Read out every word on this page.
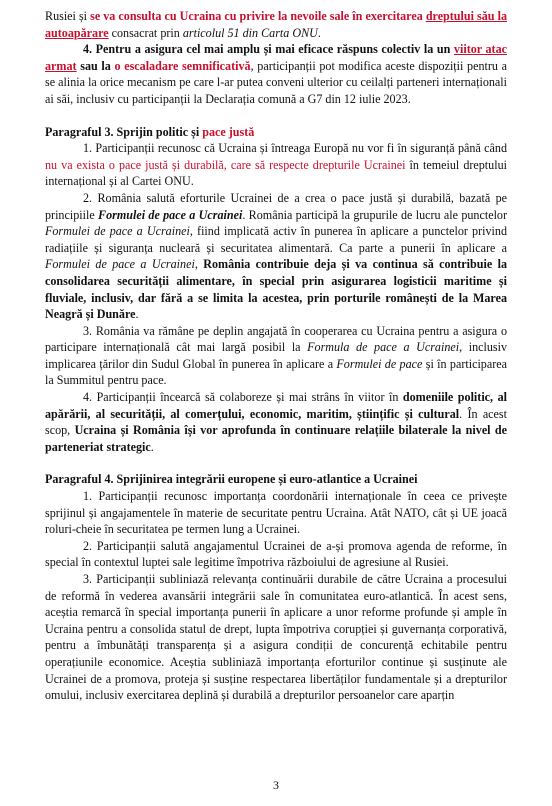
Rusiei și se va consulta cu Ucraina cu privire la nevoile sale în exercitarea dreptului său la autoapărare consacrat prin articolul 51 din Carta ONU.

4. Pentru a asigura cel mai amplu și mai eficace răspuns colectiv la un viitor atac armat sau la o escaladare semnificativă, participanții pot modifica aceste dispoziții pentru a se alinia la orice mecanism pe care l-ar putea conveni ulterior cu ceilalți parteneri internaționali ai săi, inclusiv cu participanții la Declarația comună a G7 din 12 iulie 2023.

Paragraful 3. Sprijin politic și pace justă

1. Participanții recunosc că Ucraina și întreaga Europă nu vor fi în siguranță până când nu va exista o pace justă și durabilă, care să respecte drepturile Ucrainei în temeiul dreptului internațional și al Cartei ONU.

2. România salută eforturile Ucrainei de a crea o pace justă și durabilă, bazată pe principiile Formulei de pace a Ucrainei. România participă la grupurile de lucru ale punctelor Formulei de pace a Ucrainei, fiind implicată activ în punerea în aplicare a punctelor privind radiațiile și siguranța nucleară și securitatea alimentară. Ca parte a punerii în aplicare a Formulei de pace a Ucrainei, România contribuie deja și va continua să contribuie la consolidarea securității alimentare, în special prin asigurarea logisticii maritime și fluviale, inclusiv, dar fără a se limita la acestea, prin porturile românești de la Marea Neagră și Dunăre.

3. România va rămâne pe deplin angajată în cooperarea cu Ucraina pentru a asigura o participare internațională cât mai largă posibil la Formula de pace a Ucrainei, inclusiv implicarea țărilor din Sudul Global în punerea în aplicare a Formulei de pace și în participarea la Summitul pentru pace.

4. Participanții încearcă să colaboreze și mai strâns în viitor în domeniile politic, al apărării, al securității, al comerțului, economic, maritim, științific și cultural. În acest scop, Ucraina și România își vor aprofunda în continuare relațiile bilaterale la nivel de parteneriat strategic.

Paragraful 4. Sprijinirea integrării europene și euro-atlantice a Ucrainei

1. Participanții recunosc importanța coordonării internaționale în ceea ce privește sprijinul și angajamentele în materie de securitate pentru Ucraina. Atât NATO, cât și UE joacă roluri-cheie în securitatea pe termen lung a Ucrainei.

2. Participanții salută angajamentul Ucrainei de a-și promova agenda de reforme, în special în contextul luptei sale legitime împotriva războiului de agresiune al Rusiei.

3. Participanții subliniază relevanța continuării durabile de către Ucraina a procesului de reformă în vederea avansării integrării sale în comunitatea euro-atlantică. În acest sens, aceștia remarcă în special importanța punerii în aplicare a unor reforme profunde și ample în Ucraina pentru a consolida statul de drept, lupta împotriva corupției și guvernanța corporativă, pentru a îmbunătăți transparența și a asigura condiții de concurență echitabile pentru operațiunile economice. Aceștia subliniază importanța eforturilor continue și susținute ale Ucrainei de a promova, proteja și susține respectarea libertăților fundamentale și a drepturilor omului, inclusiv exercitarea deplină și durabilă a drepturilor persoanelor care aparțin

3
